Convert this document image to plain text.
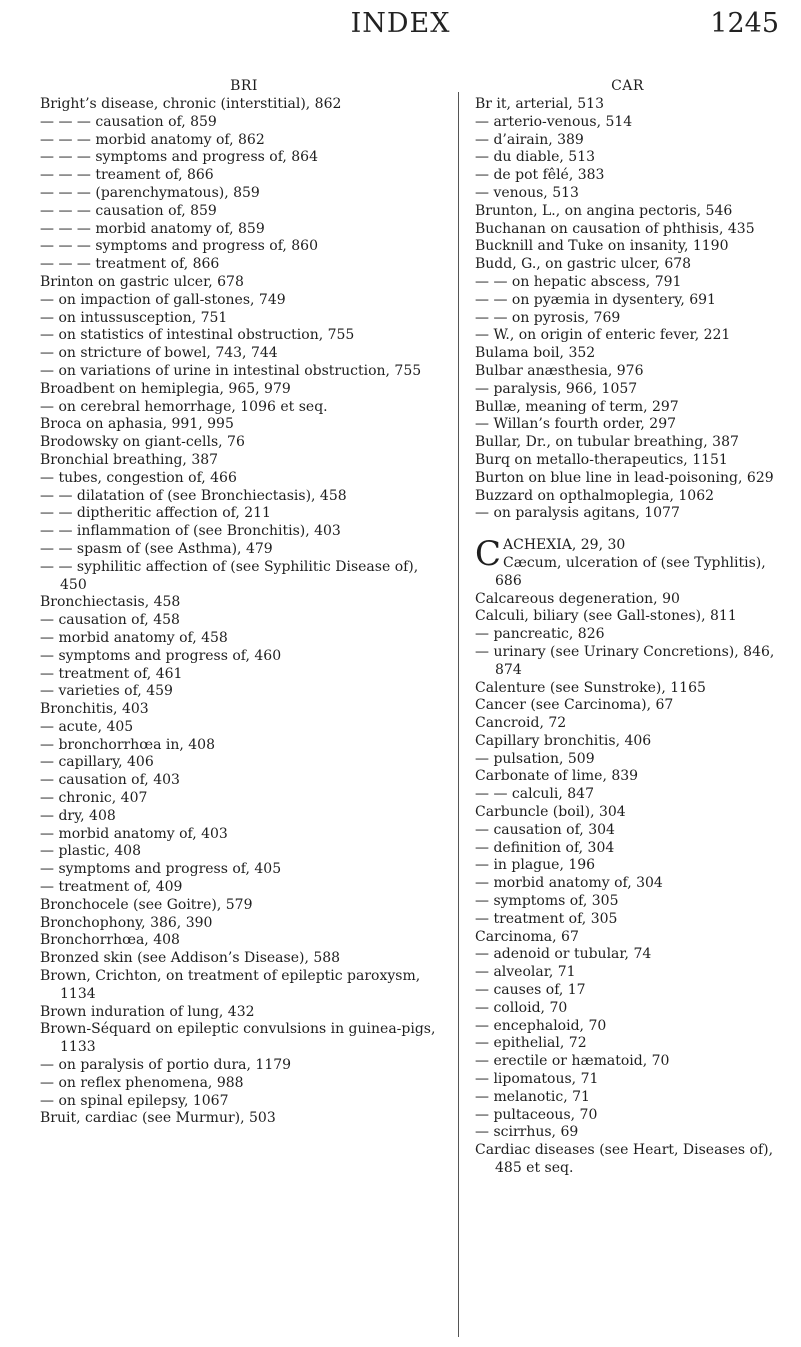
INDEX	1245
BRI
Bright’s disease, chronic (interstitial), 862
— — — causation of, 859
— — — morbid anatomy of, 862
— — — symptoms and progress of, 864
— — — treament of, 866
— — — (parenchymatous), 859
— — — causation of, 859
— — — morbid anatomy of, 859
— — — symptoms and progress of, 860
— — — treatment of, 866
Brinton on gastric ulcer, 678
— on impaction of gall-stones, 749
— on intussusception, 751
— on statistics of intestinal obstruction, 755
— on stricture of bowel, 743, 744
— on variations of urine in intestinal obstruction, 755
Broadbent on hemiplegia, 965, 979
— on cerebral hemorrhage, 1096 et seq.
Broca on aphasia, 991, 995
Brodowsky on giant-cells, 76
Bronchial breathing, 387
— tubes, congestion of, 466
— — dilatation of (see Bronchiectasis), 458
— — diptheritic affection of, 211
— — inflammation of (see Bronchitis), 403
— — spasm of (see Asthma), 479
— — syphilitic affection of (see Syphilitic Disease of), 450
Bronchiectasis, 458
— causation of, 458
— morbid anatomy of, 458
— symptoms and progress of, 460
— treatment of, 461
— varieties of, 459
Bronchitis, 403
— acute, 405
— bronchorrhœa in, 408
— capillary, 406
— causation of, 403
— chronic, 407
— dry, 408
— morbid anatomy of, 403
— plastic, 408
— symptoms and progress of, 405
— treatment of, 409
Bronchocele (see Goitre), 579
Bronchophony, 386, 390
Bronchorrhœa, 408
Bronzed skin (see Addison’s Disease), 588
Brown, Crichton, on treatment of epileptic paroxysm, 1134
Brown induration of lung, 432
Brown-Séquard on epileptic convulsions in guinea-pigs, 1133
— on paralysis of portio dura, 1179
— on reflex phenomena, 988
— on spinal epilepsy, 1067
Bruit, cardiac (see Murmur), 503
CAR
Br it, arterial, 513
— arterio-venous, 514
— d’airain, 389
— du diable, 513
— de pot fêlé, 383
— venous, 513
Brunton, L., on angina pectoris, 546
Buchanan on causation of phthisis, 435
Bucknill and Tuke on insanity, 1190
Budd, G., on gastric ulcer, 678
— — on hepatic abscess, 791
— — on pyæmia in dysentery, 691
— — on pyrosis, 769
— W., on origin of enteric fever, 221
Bulama boil, 352
Bulbar anæsthesia, 976
— paralysis, 966, 1057
Bullæ, meaning of term, 297
— Willan’s fourth order, 297
Bullar, Dr., on tubular breathing, 387
Burq on metallo-therapeutics, 1151
Burton on blue line in lead-poisoning, 629
Buzzard on opthalmoplegia, 1062
— on paralysis agitans, 1077
C ACHEXIA, 29, 30
Cæcum, ulceration of (see Typhlitis), 686
Calcareous degeneration, 90
Calculi, biliary (see Gall-stones), 811
— pancreatic, 826
— urinary (see Urinary Concretions), 846, 874
Calenture (see Sunstroke), 1165
Cancer (see Carcinoma), 67
Cancroid, 72
Capillary bronchitis, 406
— pulsation, 509
Carbonate of lime, 839
— — calculi, 847
Carbuncle (boil), 304
— causation of, 304
— definition of, 304
— in plague, 196
— morbid anatomy of, 304
— symptoms of, 305
— treatment of, 305
Carcinoma, 67
— adenoid or tubular, 74
— alveolar, 71
— causes of, 17
— colloid, 70
— encephaloid, 70
— epithelial, 72
— erectile or hæmatoid, 70
— lipomatous, 71
— melanotic, 71
— pultaceous, 70
— scirrhus, 69
Cardiac diseases (see Heart, Diseases of), 485 et seq.
